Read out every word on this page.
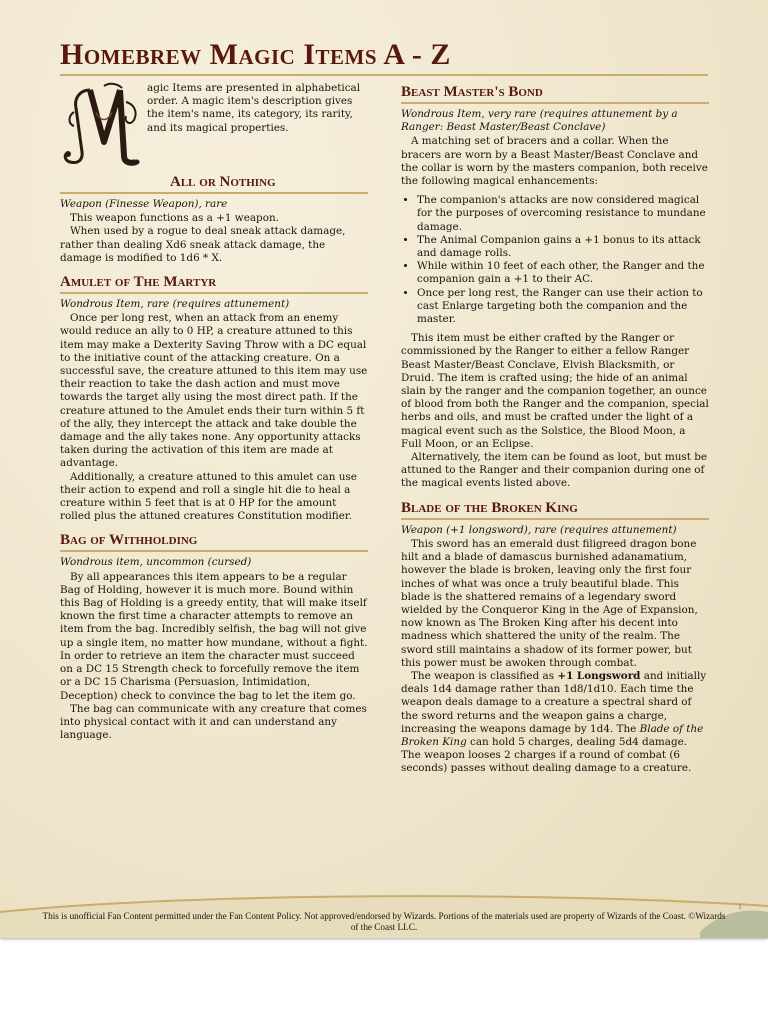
Homebrew Magic Items A - Z

agic Items are presented in alphabetical order. A magic item's description gives the item's name, its category, its rarity, and its magical properties.

All or Nothing

Weapon (Finesse Weapon), rare

This weapon functions as a +1 weapon.

When used by a rogue to deal sneak attack damage, rather than dealing Xd6 sneak attack damage, the damage is modified to 1d6 * X.

Amulet of The Martyr

Wondrous Item, rare (requires attunement)

Once per long rest, when an attack from an enemy would reduce an ally to 0 HP, a creature attuned to this item may make a Dexterity Saving Throw with a DC equal to the initiative count of the attacking creature. On a successful save, the creature attuned to this item may use their reaction to take the dash action and must move towards the target ally using the most direct path. If the creature attuned to the Amulet ends their turn within 5 ft of the ally, they intercept the attack and take double the damage and the ally takes none. Any opportunity attacks taken during the activation of this item are made at advantage.

Additionally, a creature attuned to this amulet can use their action to expend and roll a single hit die to heal a creature within 5 feet that is at 0 HP for the amount rolled plus the attuned creatures Constitution modifier.

Bag of Withholding

Wondrous item, uncommon (cursed)

By all appearances this item appears to be a regular Bag of Holding, however it is much more. Bound within this Bag of Holding is a greedy entity, that will make itself known the first time a character attempts to remove an item from the bag. Incredibly selfish, the bag will not give up a single item, no matter how mundane, without a fight. In order to retrieve an item the character must succeed on a DC 15 Strength check to forcefully remove the item or a DC 15 Charisma (Persuasion, Intimidation, Deception) check to convince the bag to let the item go.

The bag can communicate with any creature that comes into physical contact with it and can understand any language.

Beast Master's Bond

Wondrous Item, very rare (requires attunement by a Ranger: Beast Master/Beast Conclave)

A matching set of bracers and a collar. When the bracers are worn by a Beast Master/Beast Conclave and the collar is worn by the masters companion, both receive the following magical enhancements:

• The companion's attacks are now considered magical for the purposes of overcoming resistance to mundane damage.
• The Animal Companion gains a +1 bonus to its attack and damage rolls.
• While within 10 feet of each other, the Ranger and the companion gain a +1 to their AC.
• Once per long rest, the Ranger can use their action to cast Enlarge targeting both the companion and the master.

This item must be either crafted by the Ranger or commissioned by the Ranger to either a fellow Ranger Beast Master/Beast Conclave, Elvish Blacksmith, or Druid. The item is crafted using; the hide of an animal slain by the ranger and the companion together, an ounce of blood from both the Ranger and the companion, special herbs and oils, and must be crafted under the light of a magical event such as the Solstice, the Blood Moon, a Full Moon, or an Eclipse.

Alternatively, the item can be found as loot, but must be attuned to the Ranger and their companion during one of the magical events listed above.

Blade of the Broken King

Weapon (+1 longsword), rare (requires attunement)

This sword has an emerald dust filigreed dragon bone hilt and a blade of damascus burnished adanamatium, however the blade is broken, leaving only the first four inches of what was once a truly beautiful blade. This blade is the shattered remains of a legendary sword wielded by the Conqueror King in the Age of Expansion, now known as The Broken King after his decent into madness which shattered the unity of the realm. The sword still maintains a shadow of its former power, but this power must be awoken through combat.

The weapon is classified as +1 Longsword and initially deals 1d4 damage rather than 1d8/1d10. Each time the weapon deals damage to a creature a spectral shard of the sword returns and the weapon gains a charge, increasing the weapons damage by 1d4. The Blade of the Broken King can hold 5 charges, dealing 5d4 damage. The weapon looses 2 charges if a round of combat (6 seconds) passes without dealing damage to a creature.

This is unofficial Fan Content permitted under the Fan Content Policy. Not approved/endorsed by Wizards. Portions of the materials used are property of Wizards of the Coast. ©Wizards of the Coast LLC.
1
